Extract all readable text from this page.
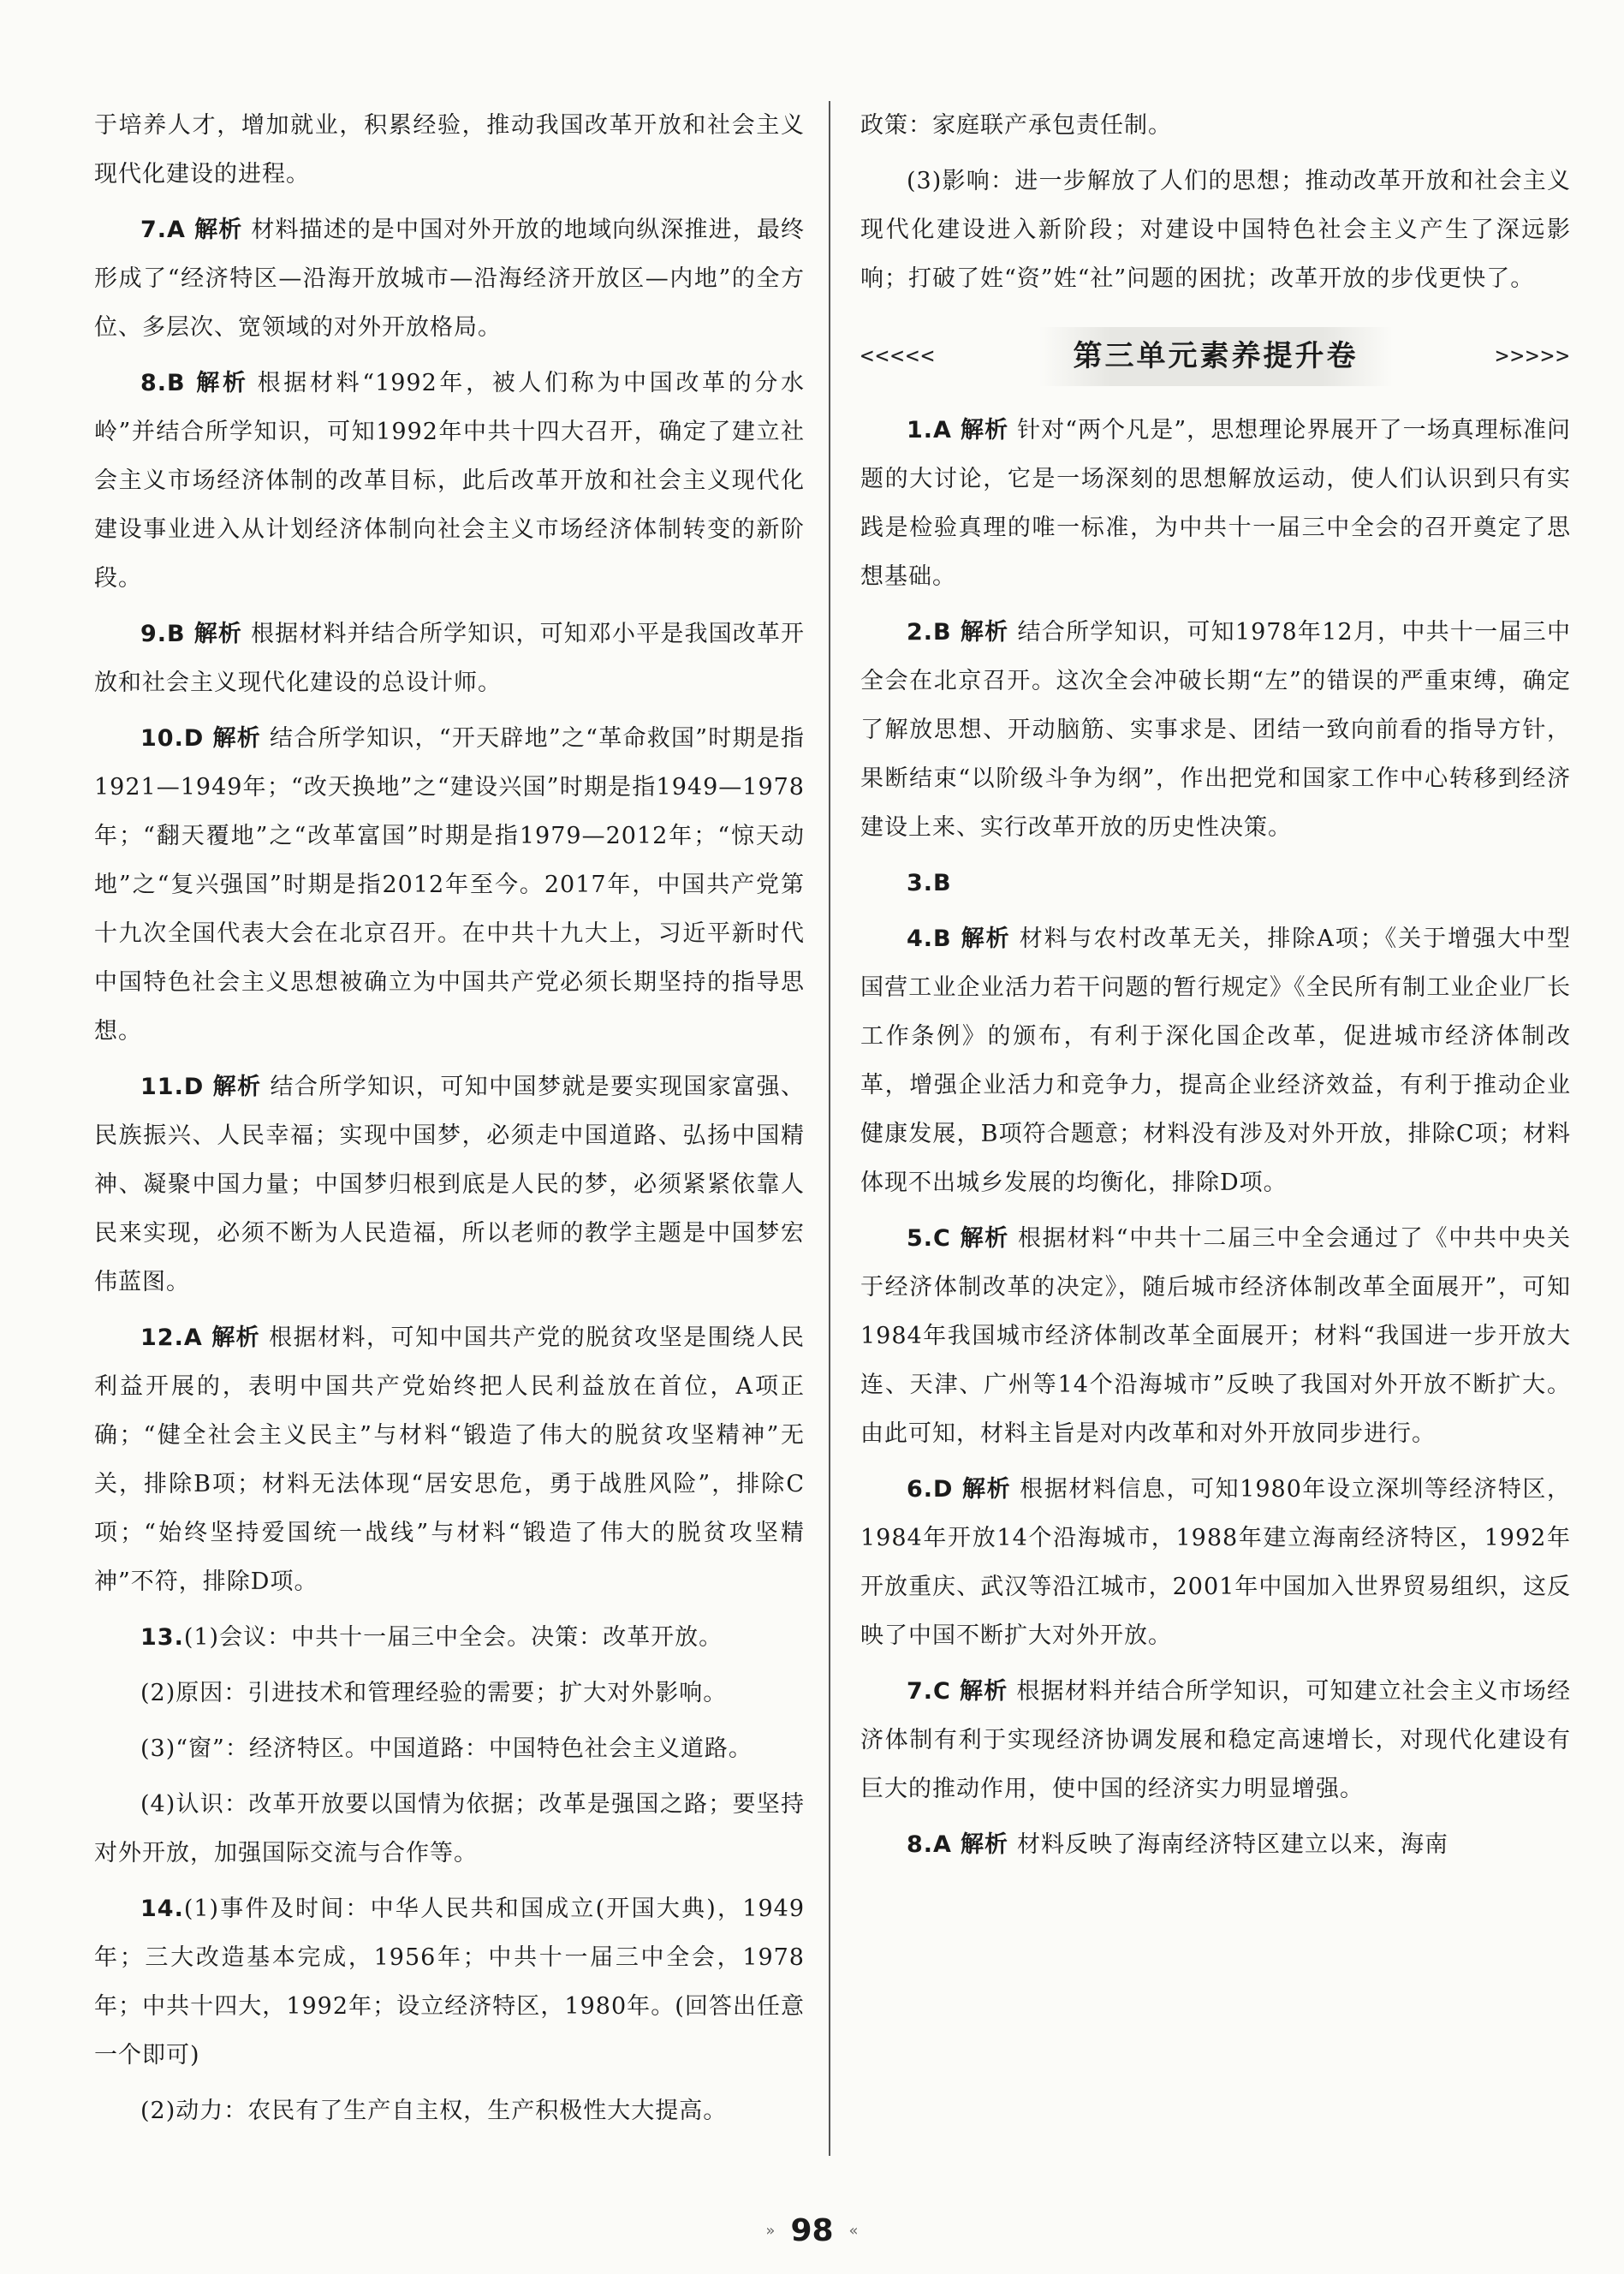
于培养人才，增加就业，积累经验，推动我国改革开放和社会主义现代化建设的进程。

7.A 解析 材料描述的是中国对外开放的地域向纵深推进，最终形成了“经济特区—沿海开放城市—沿海经济开放区—内地”的全方位、多层次、宽领域的对外开放格局。

8.B 解析 根据材料“1992年，被人们称为中国改革的分水岭”并结合所学知识，可知1992年中共十四大召开，确定了建立社会主义市场经济体制的改革目标，此后改革开放和社会主义现代化建设事业进入从计划经济体制向社会主义市场经济体制转变的新阶段。

9.B 解析 根据材料并结合所学知识，可知邓小平是我国改革开放和社会主义现代化建设的总设计师。

10.D 解析 结合所学知识，“开天辟地”之“革命救国”时期是指1921—1949年；“改天换地”之“建设兴国”时期是指1949—1978年；“翻天覆地”之“改革富国”时期是指1979—2012年；“惊天动地”之“复兴强国”时期是指2012年至今。2017年，中国共产党第十九次全国代表大会在北京召开。在中共十九大上，习近平新时代中国特色社会主义思想被确立为中国共产党必须长期坚持的指导思想。

11.D 解析 结合所学知识，可知中国梦就是要实现国家富强、民族振兴、人民幸福；实现中国梦，必须走中国道路、弘扬中国精神、凝聚中国力量；中国梦归根到底是人民的梦，必须紧紧依靠人民来实现，必须不断为人民造福，所以老师的教学主题是中国梦宏伟蓝图。

12.A 解析 根据材料，可知中国共产党的脱贫攻坚是围绕人民利益开展的，表明中国共产党始终把人民利益放在首位，A项正确；“健全社会主义民主”与材料“锻造了伟大的脱贫攻坚精神”无关，排除B项；材料无法体现“居安思危，勇于战胜风险”，排除C项；“始终坚持爱国统一战线”与材料“锻造了伟大的脱贫攻坚精神”不符，排除D项。

13.(1)会议：中共十一届三中全会。决策：改革开放。

(2)原因：引进技术和管理经验的需要；扩大对外影响。

(3)“窗”：经济特区。中国道路：中国特色社会主义道路。

(4)认识：改革开放要以国情为依据；改革是强国之路；要坚持对外开放，加强国际交流与合作等。

14.(1)事件及时间：中华人民共和国成立(开国大典)，1949年；三大改造基本完成，1956年；中共十一届三中全会，1978年；中共十四大，1992年；设立经济特区，1980年。(回答出任意一个即可)

(2)动力：农民有了生产自主权，生产积极性大大提高。

政策：家庭联产承包责任制。

(3)影响：进一步解放了人们的思想；推动改革开放和社会主义现代化建设进入新阶段；对建设中国特色社会主义产生了深远影响；打破了姓“资”姓“社”问题的困扰；改革开放的步伐更快了。

<<<<<	第三单元素养提升卷	>>>>>

1.A 解析 针对“两个凡是”，思想理论界展开了一场真理标准问题的大讨论，它是一场深刻的思想解放运动，使人们认识到只有实践是检验真理的唯一标准，为中共十一届三中全会的召开奠定了思想基础。

2.B 解析 结合所学知识，可知1978年12月，中共十一届三中全会在北京召开。这次全会冲破长期“左”的错误的严重束缚，确定了解放思想、开动脑筋、实事求是、团结一致向前看的指导方针，果断结束“以阶级斗争为纲”，作出把党和国家工作中心转移到经济建设上来、实行改革开放的历史性决策。

3.B

4.B 解析 材料与农村改革无关，排除A项；《关于增强大中型国营工业企业活力若干问题的暂行规定》《全民所有制工业企业厂长工作条例》的颁布，有利于深化国企改革，促进城市经济体制改革，增强企业活力和竞争力，提高企业经济效益，有利于推动企业健康发展，B项符合题意；材料没有涉及对外开放，排除C项；材料体现不出城乡发展的均衡化，排除D项。

5.C 解析 根据材料“中共十二届三中全会通过了《中共中央关于经济体制改革的决定》，随后城市经济体制改革全面展开”，可知1984年我国城市经济体制改革全面展开；材料“我国进一步开放大连、天津、广州等14个沿海城市”反映了我国对外开放不断扩大。由此可知，材料主旨是对内改革和对外开放同步进行。

6.D 解析 根据材料信息，可知1980年设立深圳等经济特区，1984年开放14个沿海城市，1988年建立海南经济特区，1992年开放重庆、武汉等沿江城市，2001年中国加入世界贸易组织，这反映了中国不断扩大对外开放。

7.C 解析 根据材料并结合所学知识，可知建立社会主义市场经济体制有利于实现经济协调发展和稳定高速增长，对现代化建设有巨大的推动作用，使中国的经济实力明显增强。

8.A 解析 材料反映了海南经济特区建立以来，海南

» 98 «
